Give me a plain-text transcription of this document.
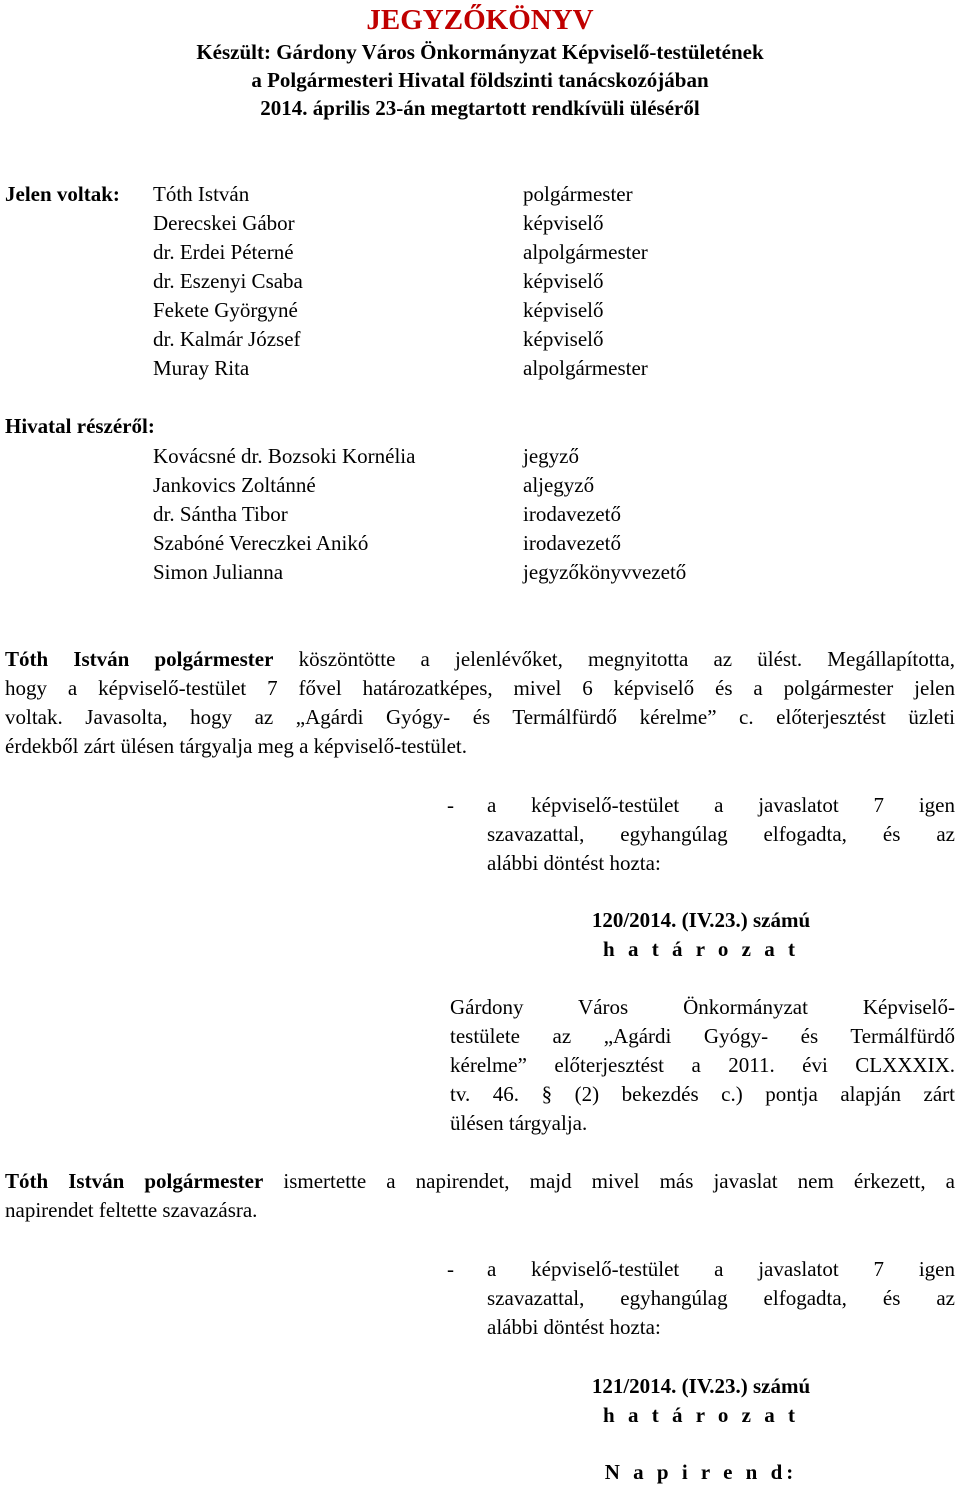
JEGYZŐKÖNYV
Készült: Gárdony Város Önkormányzat Képviselő-testületének
a Polgármesteri Hivatal földszinti tanácskozójában
2014. április 23-án megtartott rendkívüli üléséről
Jelen voltak: Tóth István
Derecskei Gábor
dr. Erdei Péterné
dr. Eszenyi Csaba
Fekete Györgyné
dr. Kalmár József
Muray Rita
polgármester
képviselő
alpolgármester
képviselő
képviselő
képviselő
alpolgármester
Hivatal részéről:
Kovácsné dr. Bozsoki Kornélia
Jankovics Zoltánné
dr. Sántha Tibor
Szabóné Vereczkei Anikó
Simon Julianna
jegyző
aljegyző
irodavezető
irodavezető
jegyzőkönyvvezető
Tóth István polgármester köszöntötte a jelenlévőket, megnyitotta az ülést. Megállapította,
hogy a képviselő-testület 7 fővel határozatképes, mivel 6 képviselő és a polgármester jelen
voltak. Javasolta, hogy az „Agárdi Gyógy- és Termálfürdő kérelme” c. előterjesztést üzleti
érdekből zárt ülésen tárgyalja meg a képviselő-testület.
- a képviselő-testület a javaslatot 7 igen
szavazattal, egyhangúlag elfogadta, és az
alábbi döntést hozta:
120/2014. (IV.23.) számú
h a t á r o z a t
Gárdony Város Önkormányzat Képviselő-
testülete az „Agárdi Gyógy- és Termálfürdő
kérelme” előterjesztést a 2011. évi CLXXXIX.
tv. 46. § (2) bekezdés c.) pontja alapján zárt
ülésen tárgyalja.
Tóth István polgármester ismertette a napirendet, majd mivel más javaslat nem érkezett, a
napirendet feltette szavazásra.
- a képviselő-testület a javaslatot 7 igen
szavazattal, egyhangúlag elfogadta, és az
alábbi döntést hozta:
121/2014. (IV.23.) számú
h a t á r o z a t
N a p i r e n d:
